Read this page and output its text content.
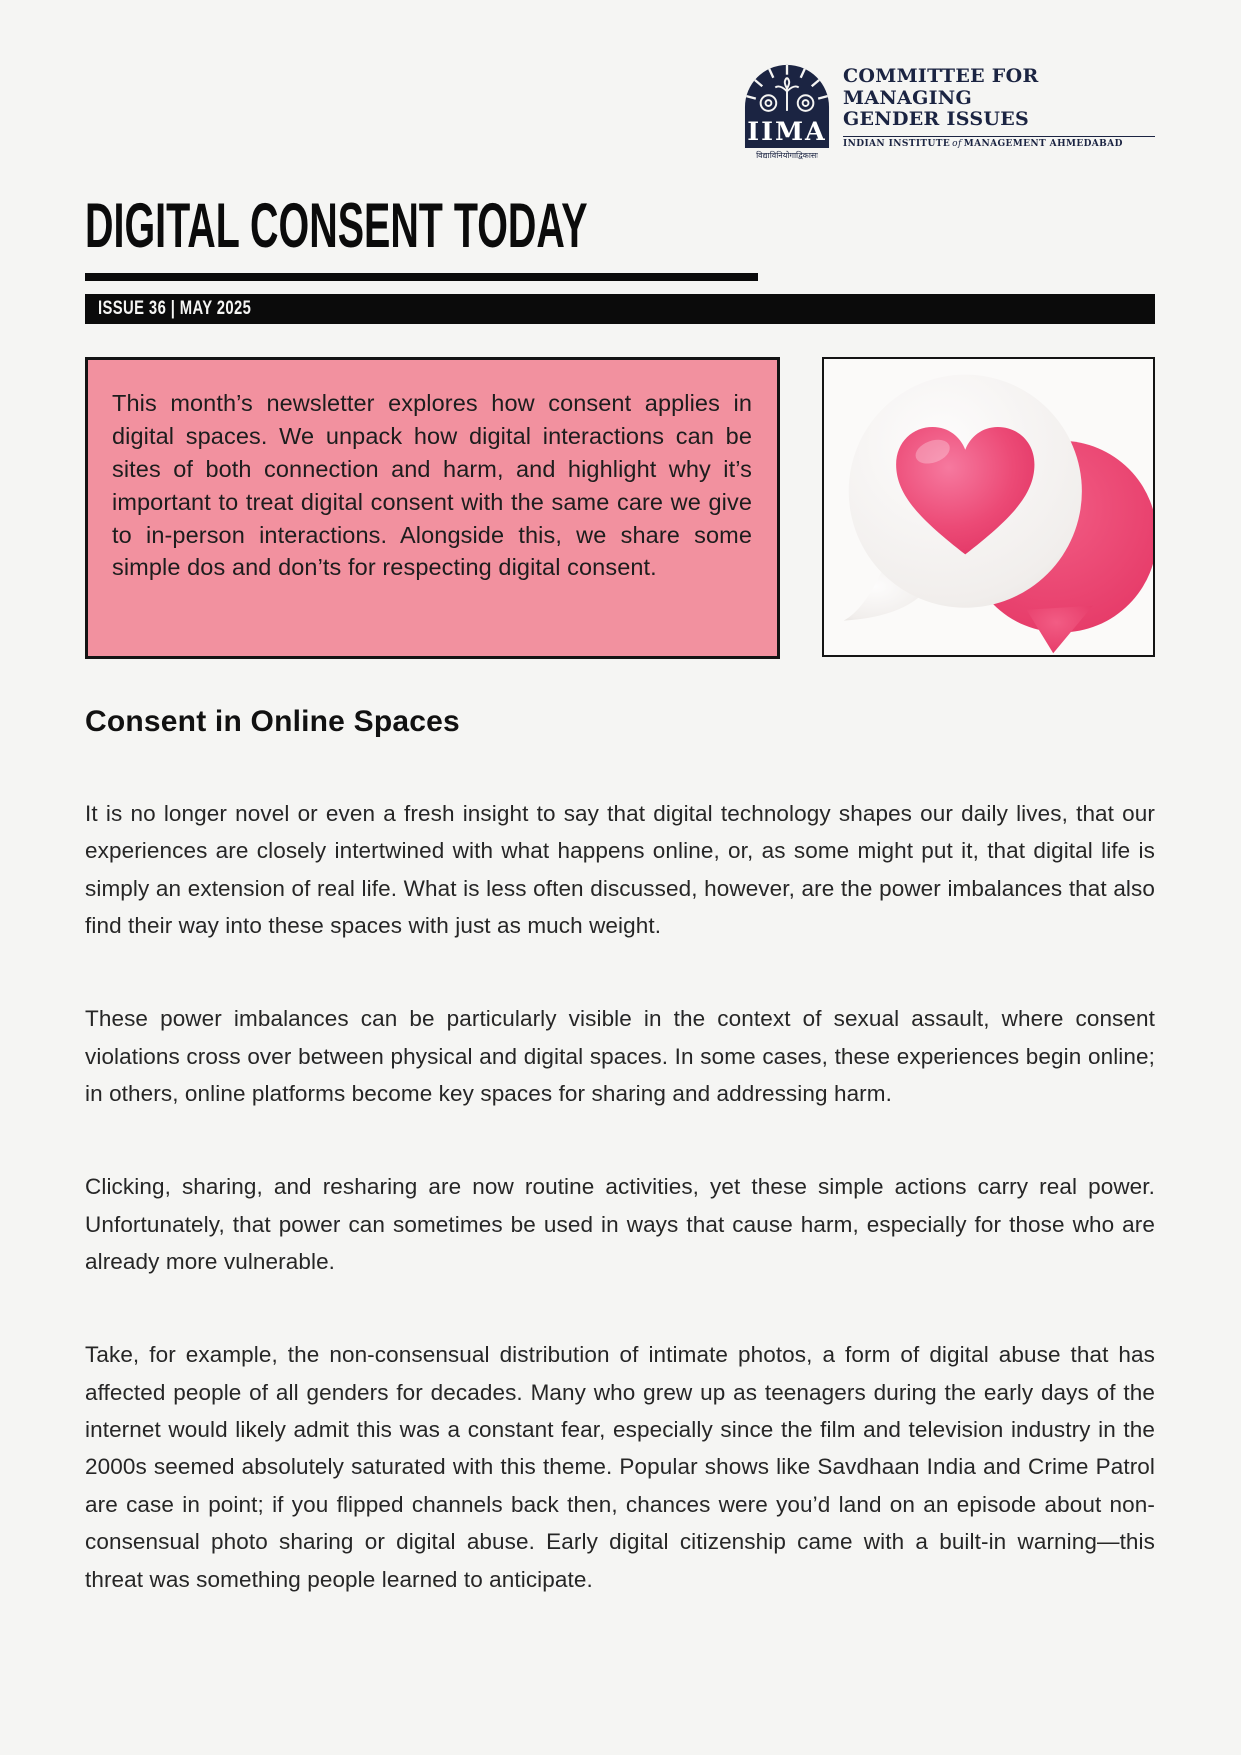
IIMA
विद्याविनियोगाद्विकासः
COMMITTEE FOR
MANAGING
GENDER ISSUES
INDIAN INSTITUTE of MANAGEMENT AHMEDABAD
DIGITAL CONSENT TODAY
ISSUE 36 | MAY 2025

This month’s newsletter explores how consent applies in digital spaces. We unpack how digital interactions can be sites of both connection and harm, and highlight why it’s important to treat digital consent with the same care we give to in-person interactions. Alongside this, we share some simple dos and don’ts for respecting digital consent.

Consent in Online Spaces

It is no longer novel or even a fresh insight to say that digital technology shapes our daily lives, that our experiences are closely intertwined with what happens online, or, as some might put it, that digital life is simply an extension of real life. What is less often discussed, however, are the power imbalances that also find their way into these spaces with just as much weight.

These power imbalances can be particularly visible in the context of sexual assault, where consent violations cross over between physical and digital spaces. In some cases, these experiences begin online; in others, online platforms become key spaces for sharing and addressing harm.

Clicking, sharing, and resharing are now routine activities, yet these simple actions carry real power. Unfortunately, that power can sometimes be used in ways that cause harm, especially for those who are already more vulnerable.

Take, for example, the non-consensual distribution of intimate photos, a form of digital abuse that has affected people of all genders for decades. Many who grew up as teenagers during the early days of the internet would likely admit this was a constant fear, especially since the film and television industry in the 2000s seemed absolutely saturated with this theme. Popular shows like Savdhaan India and Crime Patrol are case in point; if you flipped channels back then, chances were you’d land on an episode about non-consensual photo sharing or digital abuse. Early digital citizenship came with a built-in warning—this threat was something people learned to anticipate.
